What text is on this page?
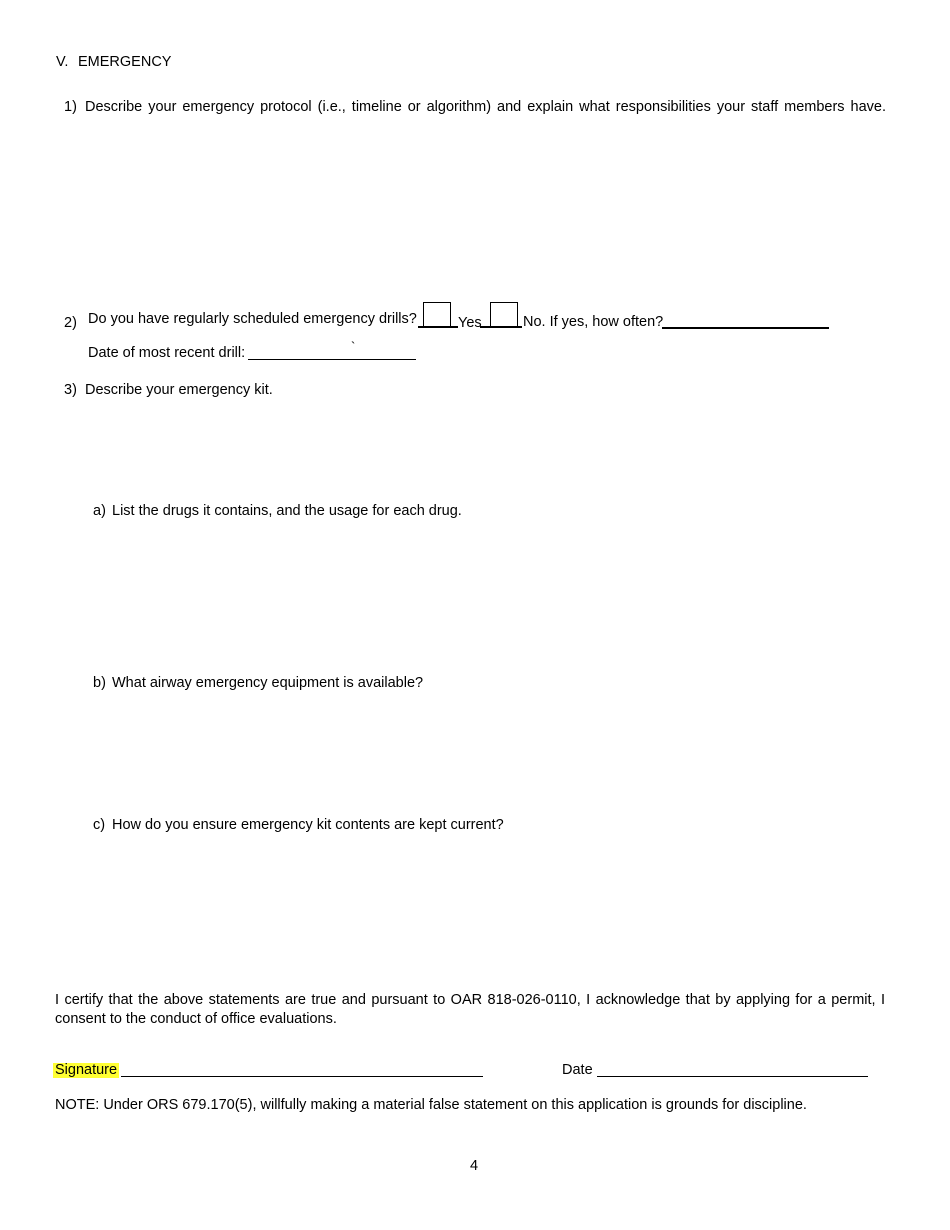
V. EMERGENCY
1) Describe your emergency protocol (i.e., timeline or algorithm) and explain what responsibilities your staff members have.
2) Do you have regularly scheduled emergency drills?	Yes	No. If yes, how often?
Date of most recent drill:	`
3) Describe your emergency kit.
a) List the drugs it contains, and the usage for each drug.
b) What airway emergency equipment is available?
c) How do you ensure emergency kit contents are kept current?
I certify that the above statements are true and pursuant to OAR 818-026-0110, I acknowledge that by applying for a permit, I consent to the conduct of office evaluations.
Signature	Date
NOTE: Under ORS 679.170(5), willfully making a material false statement on this application is grounds for discipline.
4
